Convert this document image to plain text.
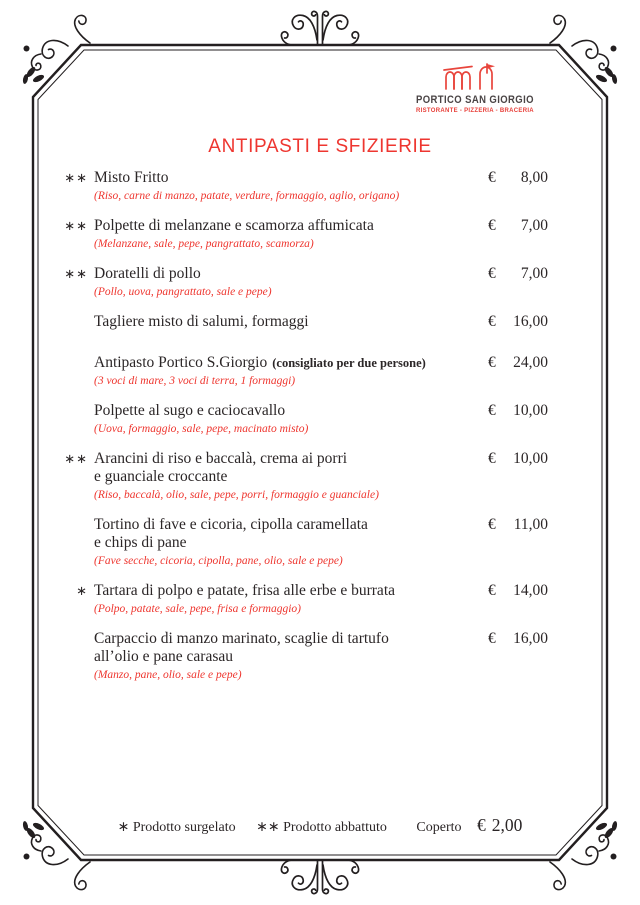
PORTICO SAN GIORGIO
RISTORANTE - PIZZERIA - BRACERIA
ANTIPASTI E SFIZIERIE
∗∗ Misto Fritto
(Riso, carne di manzo, patate, verdure, formaggio, aglio, origano)
€ 8,00
∗∗ Polpette di melanzane e scamorza affumicata
(Melanzane, sale, pepe, pangrattato, scamorza)
€ 7,00
∗∗ Doratelli di pollo
(Pollo, uova, pangrattato, sale e pepe)
€ 7,00
Tagliere misto di salumi, formaggi	€ 16,00
Antipasto Portico S.Giorgio (consigliato per due persone)
(3 voci di mare, 3 voci di terra, 1 formaggi)
€ 24,00
Polpette al sugo e caciocavallo
(Uova, formaggio, sale, pepe, macinato misto)
€ 10,00
∗∗ Arancini di riso e baccalà, crema ai porri
e guanciale croccante
(Riso, baccalà, olio, sale, pepe, porri, formaggio e guanciale)
€ 10,00
Tortino di fave e cicoria, cipolla caramellata
e chips di pane
(Fave secche, cicoria, cipolla, pane, olio, sale e pepe)
€ 11,00
∗ Tartara di polpo e patate, frisa alle erbe e burrata
(Polpo, patate, sale, pepe, frisa e formaggio)
€ 14,00
Carpaccio di manzo marinato, scaglie di tartufo
all’olio e pane carasau
(Manzo, pane, olio, sale e pepe)
€ 16,00
∗ Prodotto surgelato ∗∗ Prodotto abbattuto Coperto € 2,00
